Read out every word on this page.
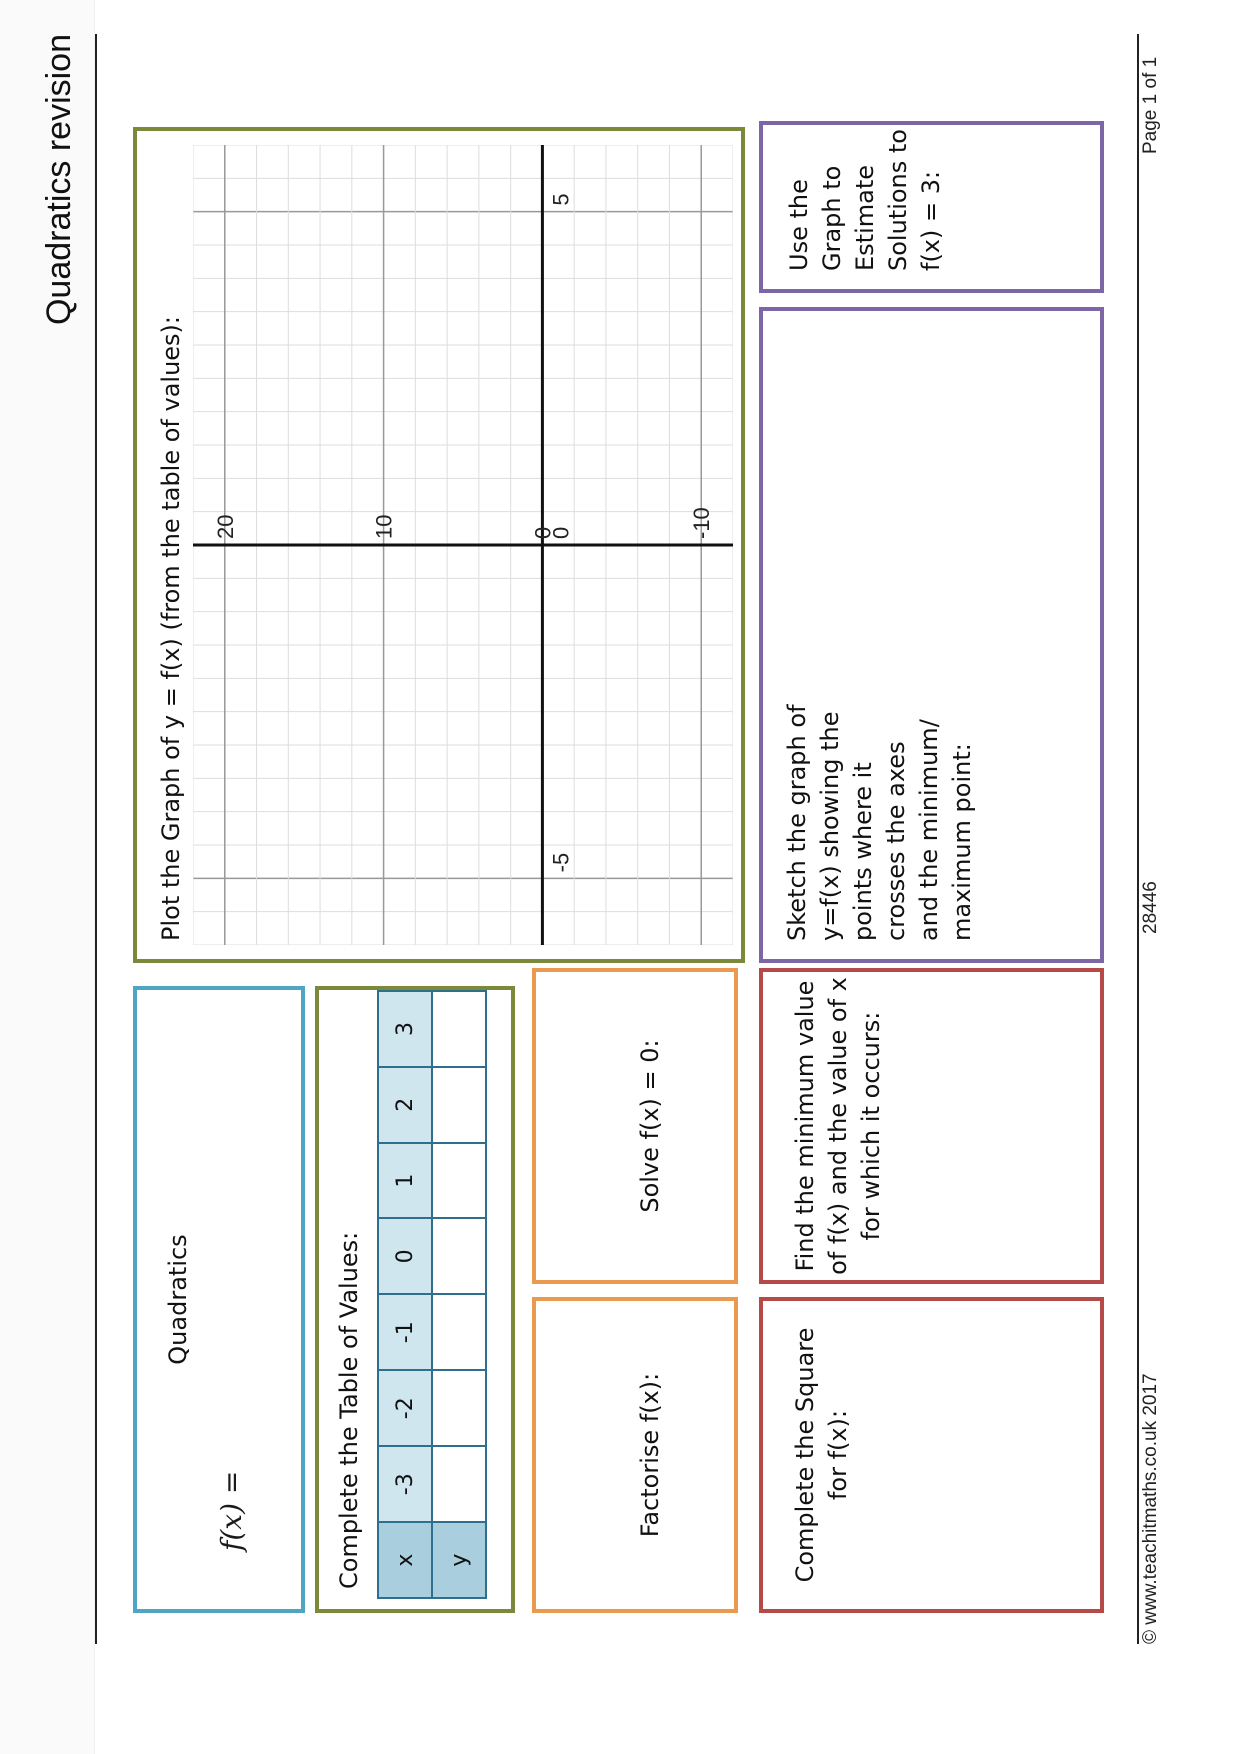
Quadratics revision
© www.teachitmaths.co.uk 2017
28446
Page 1 of 1
Quadratics
f(x) =	Complete the Table of Values: x	-3	-2	-1	0	1	2	3
y							
Factorise f(x):
Solve f(x) = 0:
Complete the Square for f(x):
Find the minimum value of f(x) and the value of x for which it occurs:
Plot the Graph of y = f(x) (from the table of values):	-5
0
5
20	10	0	-10
Sketch the graph of y=f(x) showing the points where it crosses the axes and the minimum/ maximum point:
Use the Graph to Estimate Solutions to f(x) = 3:
